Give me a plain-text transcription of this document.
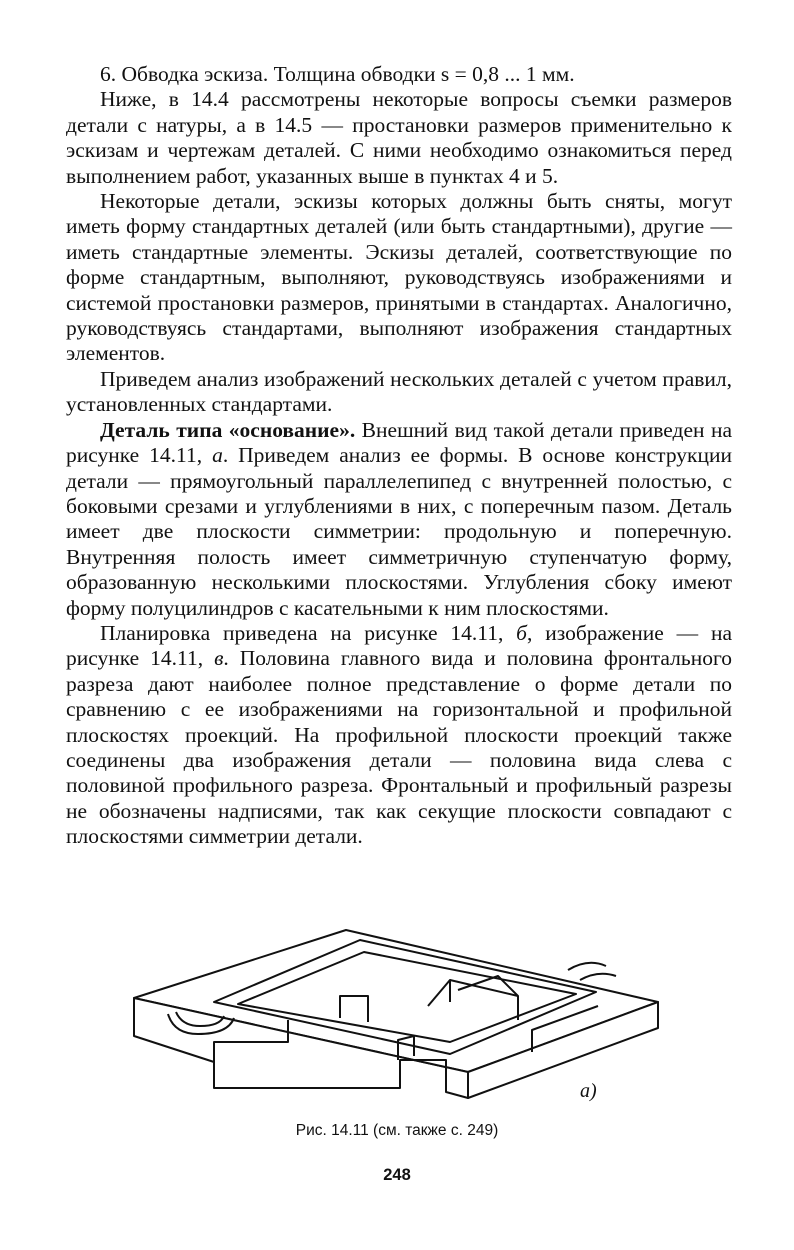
6. Обводка эскиза. Толщина обводки s = 0,8 ... 1 мм.

Ниже, в 14.4 рассмотрены некоторые вопросы съемки размеров детали с натуры, а в 14.5 — простановки размеров применительно к эскизам и чертежам деталей. С ними необходимо ознакомиться перед выполнением работ, указанных выше в пунктах 4 и 5.

Некоторые детали, эскизы которых должны быть сняты, могут иметь форму стандартных деталей (или быть стандартными), другие — иметь стандартные элементы. Эскизы деталей, соответствующие по форме стандартным, выполняют, руководствуясь изображениями и системой простановки размеров, принятыми в стандартах. Аналогично, руководствуясь стандартами, выполняют изображения стандартных элементов.

Приведем анализ изображений нескольких деталей с учетом правил, установленных стандартами.

Деталь типа «основание». Внешний вид такой детали приведен на рисунке 14.11, а. Приведем анализ ее формы. В основе конструкции детали — прямоугольный параллелепипед с внутренней полостью, с боковыми срезами и углублениями в них, с поперечным пазом. Деталь имеет две плоскости симметрии: продольную и поперечную. Внутренняя полость имеет симметричную ступенчатую форму, образованную несколькими плоскостями. Углубления сбоку имеют форму полуцилиндров с касательными к ним плоскостями.

Планировка приведена на рисунке 14.11, б, изображение — на рисунке 14.11, в. Половина главного вида и половина фронтального разреза дают наиболее полное представление о форме детали по сравнению с ее изображениями на горизонтальной и профильной плоскостях проекций. На профильной плоскости проекций также соединены два изображения детали — половина вида слева с половиной профильного разреза. Фронтальный и профильный разрезы не обозначены надписями, так как секущие плоскости совпадают с плоскостями симметрии детали.

а)
Рис. 14.11 (см. также с. 249)
248
